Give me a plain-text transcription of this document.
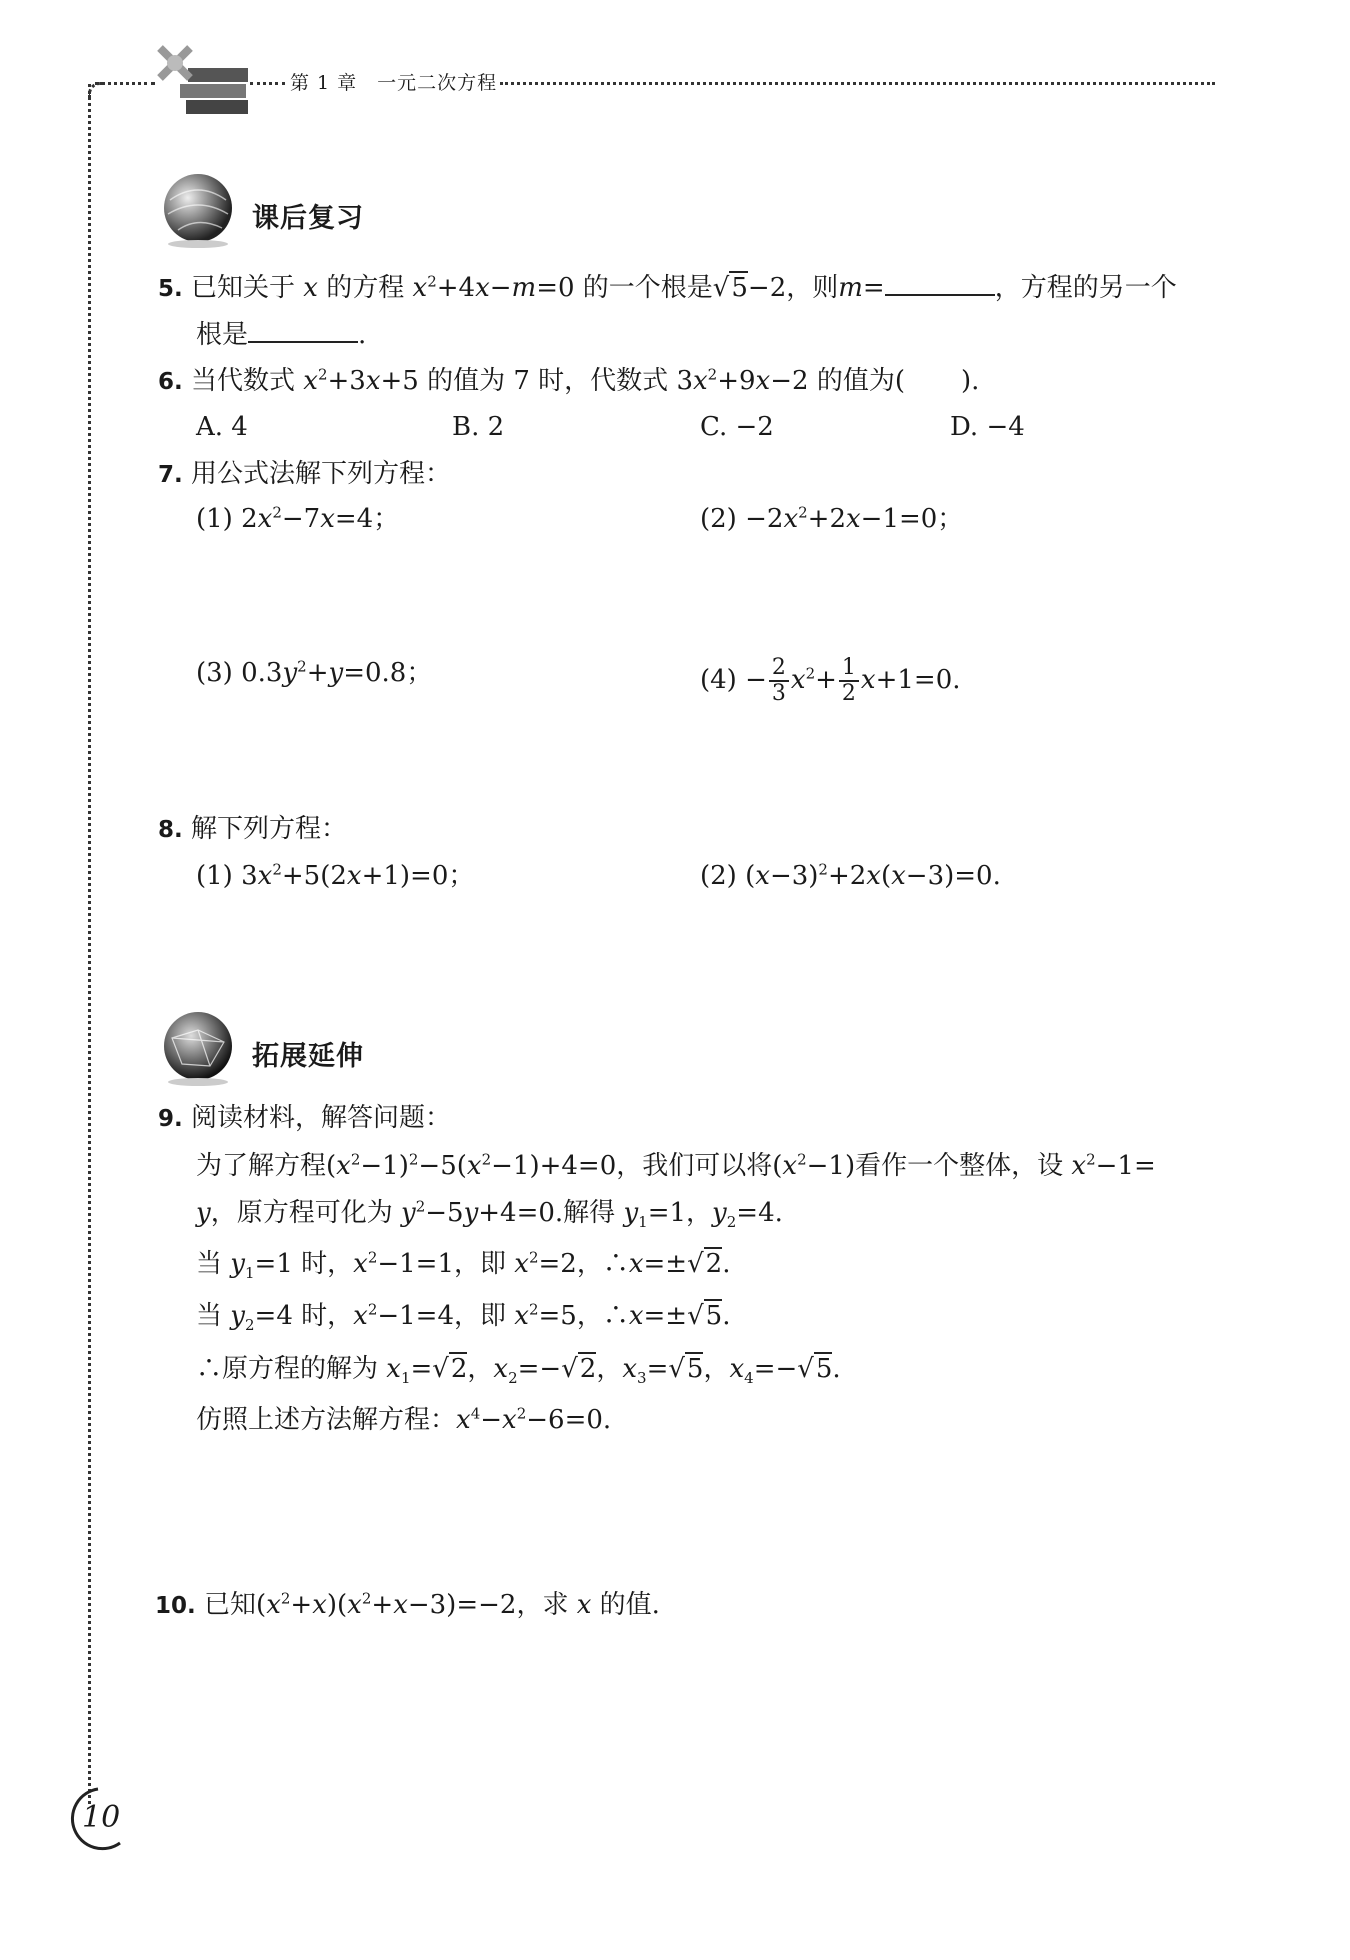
第 1 章　一元二次方程
课后复习
5. 已知关于 x 的方程 $x^2+4x-m=0$ 的一个根是√5−2，则m=	，方程的另一个
根是	.
6. 当代数式 $x^2+3x+5$ 的值为 7 时，代数式 $3x^2+9x-2$ 的值为( ).
A. 4	B. 2	C. −2	D. −4
7. 用公式法解下列方程：
(1) $2x^2-7x=4$；	$(2) -2x^2+2x-1=0$；
(3) $0.3y^2+y=0.8$；	$(4) - \frac{2}{3} x^2+ \frac{1}{2} x+1=0$.
8. 解下列方程：
(1) $3x^2+5(2x+1)=0$；	(2) $(x-3)^2+2x(x-3)=0$.
拓展延伸
9. 阅读材料，解答问题：
为了解方程$(x^2-1)^2-5(x^2-1)+4=0$，我们可以将$(x^2-1)$看作一个整体，设 $x^2-1=$
y，原方程可化为 $y^2-5y+4=0$.解得 $y_1=1$，$y_2=4$.
当 $y_1=1$ 时，$x^2-1=1$，即 $x^2=2$，∴x=±√2.
当 $y_2=4$ 时，$x^2-1=4$，即 $x^2=5$，∴x=±√5.
∴原方程的解为 $x_1=√2$，$x_2=-√2$，$x_3=√5$，$x_4=-√5$.
仿照上述方法解方程：$x^4-x^2-6=0$.
10. 已知$(x^2+x)(x^2+x-3)=-2$，求 x 的值.
10
